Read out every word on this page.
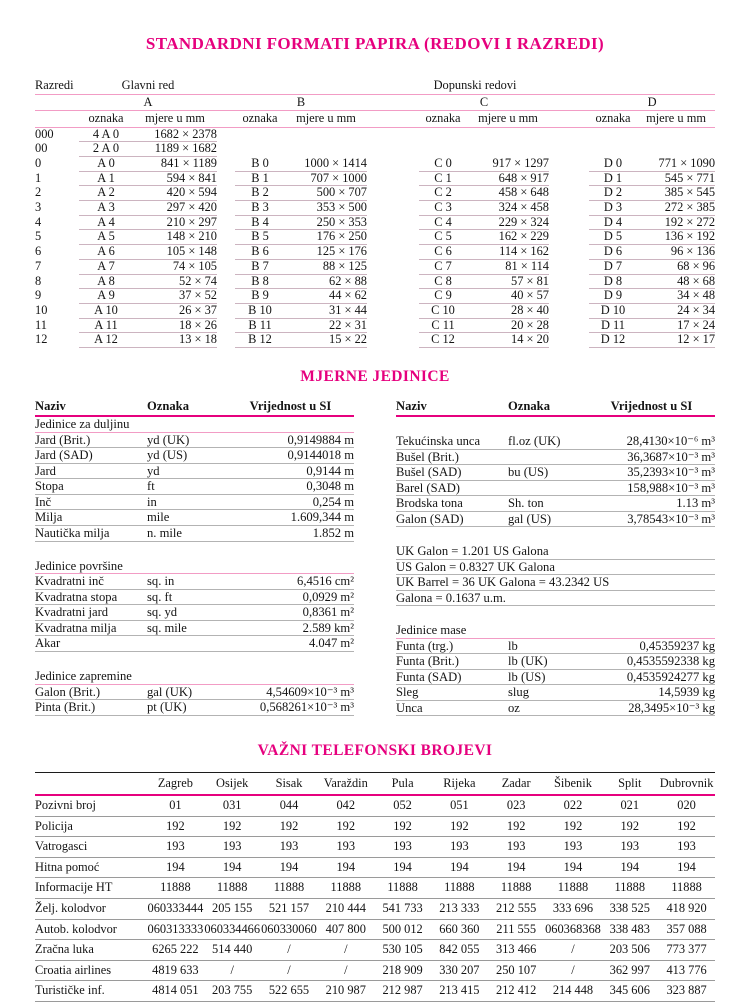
STANDARDNI FORMATI PAPIRA (REDOVI I RAZREDI)
Razredi	Glavni red			Dopunski redovi							
	A			B			C			D	
	oznaka	mjere u mm		oznaka	mjere u mm		oznaka	mjere u mm		oznaka	mjere u mm
000	4 A 0	1682 × 2378									
00	2 A 0	1189 × 1682									
0	A 0	841 × 1189		B 0	1000 × 1414		C 0	917 × 1297		D 0	771 × 1090
1	A 1	594 × 841		B 1	707 × 1000		C 1	648 × 917		D 1	545 × 771
2	A 2	420 × 594		B 2	500 × 707		C 2	458 × 648		D 2	385 × 545
3	A 3	297 × 420		B 3	353 × 500		C 3	324 × 458		D 3	272 × 385
4	A 4	210 × 297		B 4	250 × 353		C 4	229 × 324		D 4	192 × 272
5	A 5	148 × 210		B 5	176 × 250		C 5	162 × 229		D 5	136 × 192
6	A 6	105 × 148		B 6	125 × 176		C 6	114 × 162		D 6	96 × 136
7	A 7	74 × 105		B 7	88 × 125		C 7	81 × 114		D 7	68 × 96
8	A 8	52 × 74		B 8	62 × 88		C 8	57 × 81		D 8	48 × 68
9	A 9	37 × 52		B 9	44 × 62		C 9	40 × 57		D 9	34 × 48
10	A 10	26 × 37		B 10	31 × 44		C 10	28 × 40		D 10	24 × 34
11	A 11	18 × 26		B 11	22 × 31		C 11	20 × 28		D 11	17 × 24
12	A 12	13 × 18		B 12	15 × 22		C 12	14 × 20		D 12	12 × 17
MJERNE JEDINICE
Naziv	Oznaka	Vrijednost u SI
Jedinice za duljinu		
Jard (Brit.)	yd (UK)	0,9149884 m
Jard (SAD)	yd (US)	0,9144018 m
Jard	yd	0,9144 m
Stopa	ft	0,3048 m
Inč	in	0,254 m
Milja	mile	1.609,344 m
Nautička milja	n. mile	1.852 m

Jedinice površine		
Kvadratni inč	sq. in	6,4516 cm²
Kvadratna stopa	sq. ft	0,0929 m²
Kvadratni jard	sq. yd	0,8361 m²
Kvadratna milja	sq. mile	2.589 km²
Akar		4.047 m²

Jedinice zapremine		
Galon (Brit.)	gal (UK)	4,54609×10⁻³ m³
Pinta (Brit.)	pt (UK)	0,568261×10⁻³ m³
Naziv	Oznaka	Vrijednost u SI

Tekućinska unca	fl.oz (UK)	28,4130×10⁻⁶ m³
Bušel (Brit.)		36,3687×10⁻³ m³
Bušel (SAD)	bu (US)	35,2393×10⁻³ m³
Barel (SAD)		158,988×10⁻³ m³
Brodska tona	Sh. ton	1.13 m³
Galon (SAD)	gal (US)	3,78543×10⁻³ m³

UK Galon = 1.201 US Galona		
US Galon = 0.8327 UK Galona		
UK Barrel = 36 UK Galona = 43.2342 US		
Galona = 0.1637 u.m.		

Jedinice mase		
Funta (trg.)	lb	0,45359237 kg
Funta (Brit.)	lb (UK)	0,4535592338 kg
Funta (SAD)	lb (US)	0,4535924277 kg
Sleg	slug	14,5939 kg
Unca	oz	28,3495×10⁻³ kg
VAŽNI TELEFONSKI BROJEVI
	Zagreb	Osijek	Sisak	Varaždin	Pula	Rijeka	Zadar	Šibenik	Split	Dubrovnik
Pozivni broj	01	031	044	042	052	051	023	022	021	020
Policija	192	192	192	192	192	192	192	192	192	192
Vatrogasci	193	193	193	193	193	193	193	193	193	193
Hitna pomoć	194	194	194	194	194	194	194	194	194	194
Informacije HT	11888	11888	11888	11888	11888	11888	11888	11888	11888	11888
Želj. kolodvor	060333444	205 155	521 157	210 444	541 733	213 333	212 555	333 696	338 525	418 920
Autob. kolodvor	060313333	060334466	060330060	407 800	500 012	660 360	211 555	060368368	338 483	357 088
Zračna luka	6265 222	514 440	/	/	530 105	842 055	313 466	/	203 506	773 377
Croatia airlines	4819 633	/	/	/	218 909	330 207	250 107	/	362 997	413 776
Turističke inf.	4814 051	203 755	522 655	210 987	212 987	213 415	212 412	214 448	345 606	323 887
